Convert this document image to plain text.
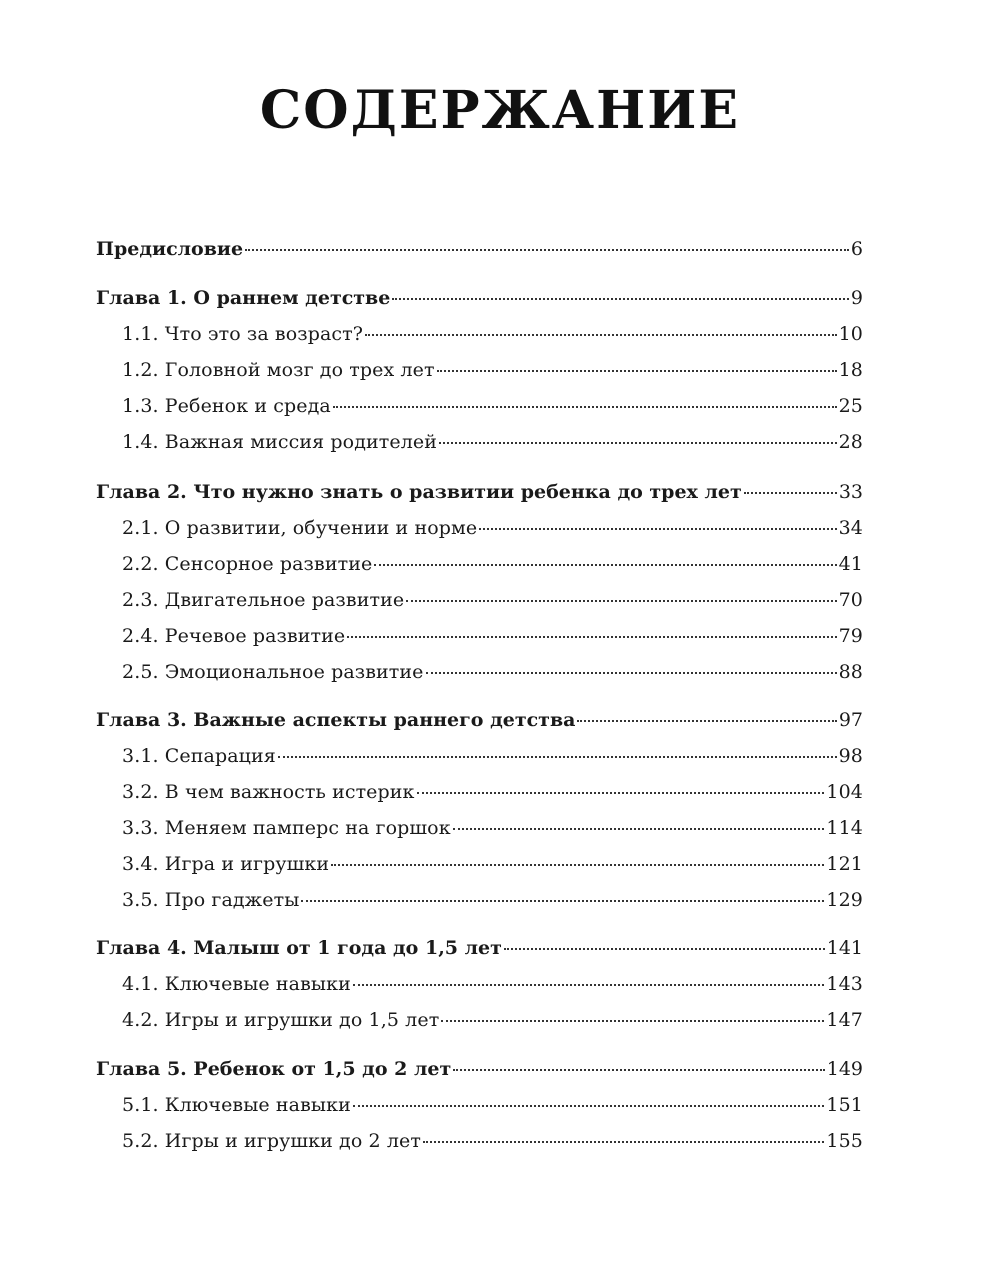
СОДЕРЖАНИЕ
Предисловие	6
Глава 1. О раннем детстве	9
1.1. Что это за возраст?	10
1.2. Головной мозг до трех лет	18
1.3. Ребенок и среда	25
1.4. Важная миссия родителей	28
Глава 2. Что нужно знать о развитии ребенка до трех лет	33
2.1. О развитии, обучении и норме	34
2.2. Сенсорное развитие	41
2.3. Двигательное развитие	70
2.4. Речевое развитие	79
2.5. Эмоциональное развитие	88
Глава 3. Важные аспекты раннего детства	97
3.1. Сепарация	98
3.2. В чем важность истерик	104
3.3. Меняем памперс на горшок	114
3.4. Игра и игрушки	121
3.5. Про гаджеты	129
Глава 4. Малыш от 1 года до 1,5 лет	141
4.1. Ключевые навыки	143
4.2. Игры и игрушки до 1,5 лет	147
Глава 5. Ребенок от 1,5 до 2 лет	149
5.1. Ключевые навыки	151
5.2. Игры и игрушки до 2 лет	155
